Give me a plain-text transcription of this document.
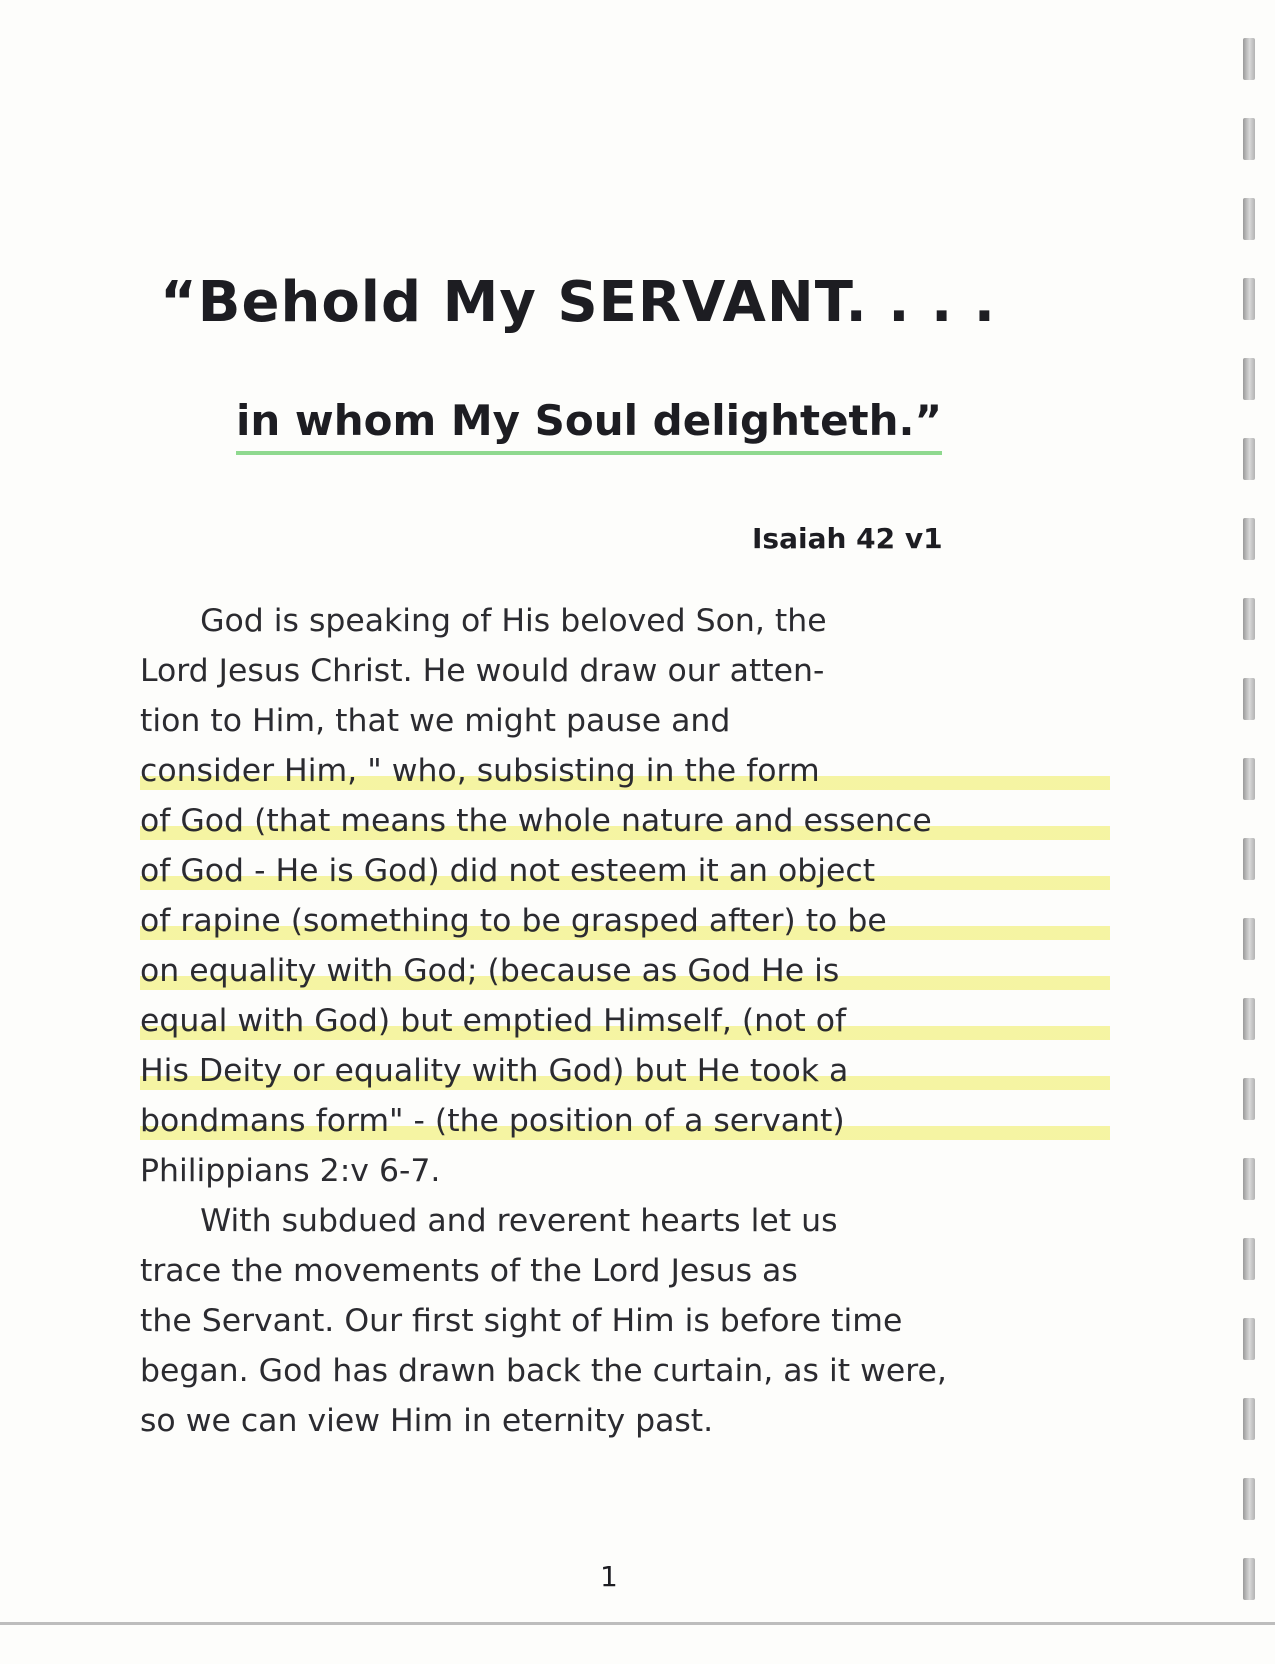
“Behold My SERVANT. . . .
in whom My Soul delighteth.”
Isaiah 42 v1
God is speaking of His beloved Son, the
Lord Jesus Christ. He would draw our atten-
tion to Him, that we might pause and
consider Him, " who, subsisting in the form
of God (that means the whole nature and essence
of God - He is God) did not esteem it an object
of rapine (something to be grasped after) to be
on equality with God; (because as God He is
equal with God) but emptied Himself, (not of
His Deity or equality with God) but He took a
bondmans form" - (the position of a servant)
Philippians 2:v 6-7.
With subdued and reverent hearts let us
trace the movements of the Lord Jesus as
the Servant. Our first sight of Him is before time
began. God has drawn back the curtain, as it were,
so we can view Him in eternity past.
1
